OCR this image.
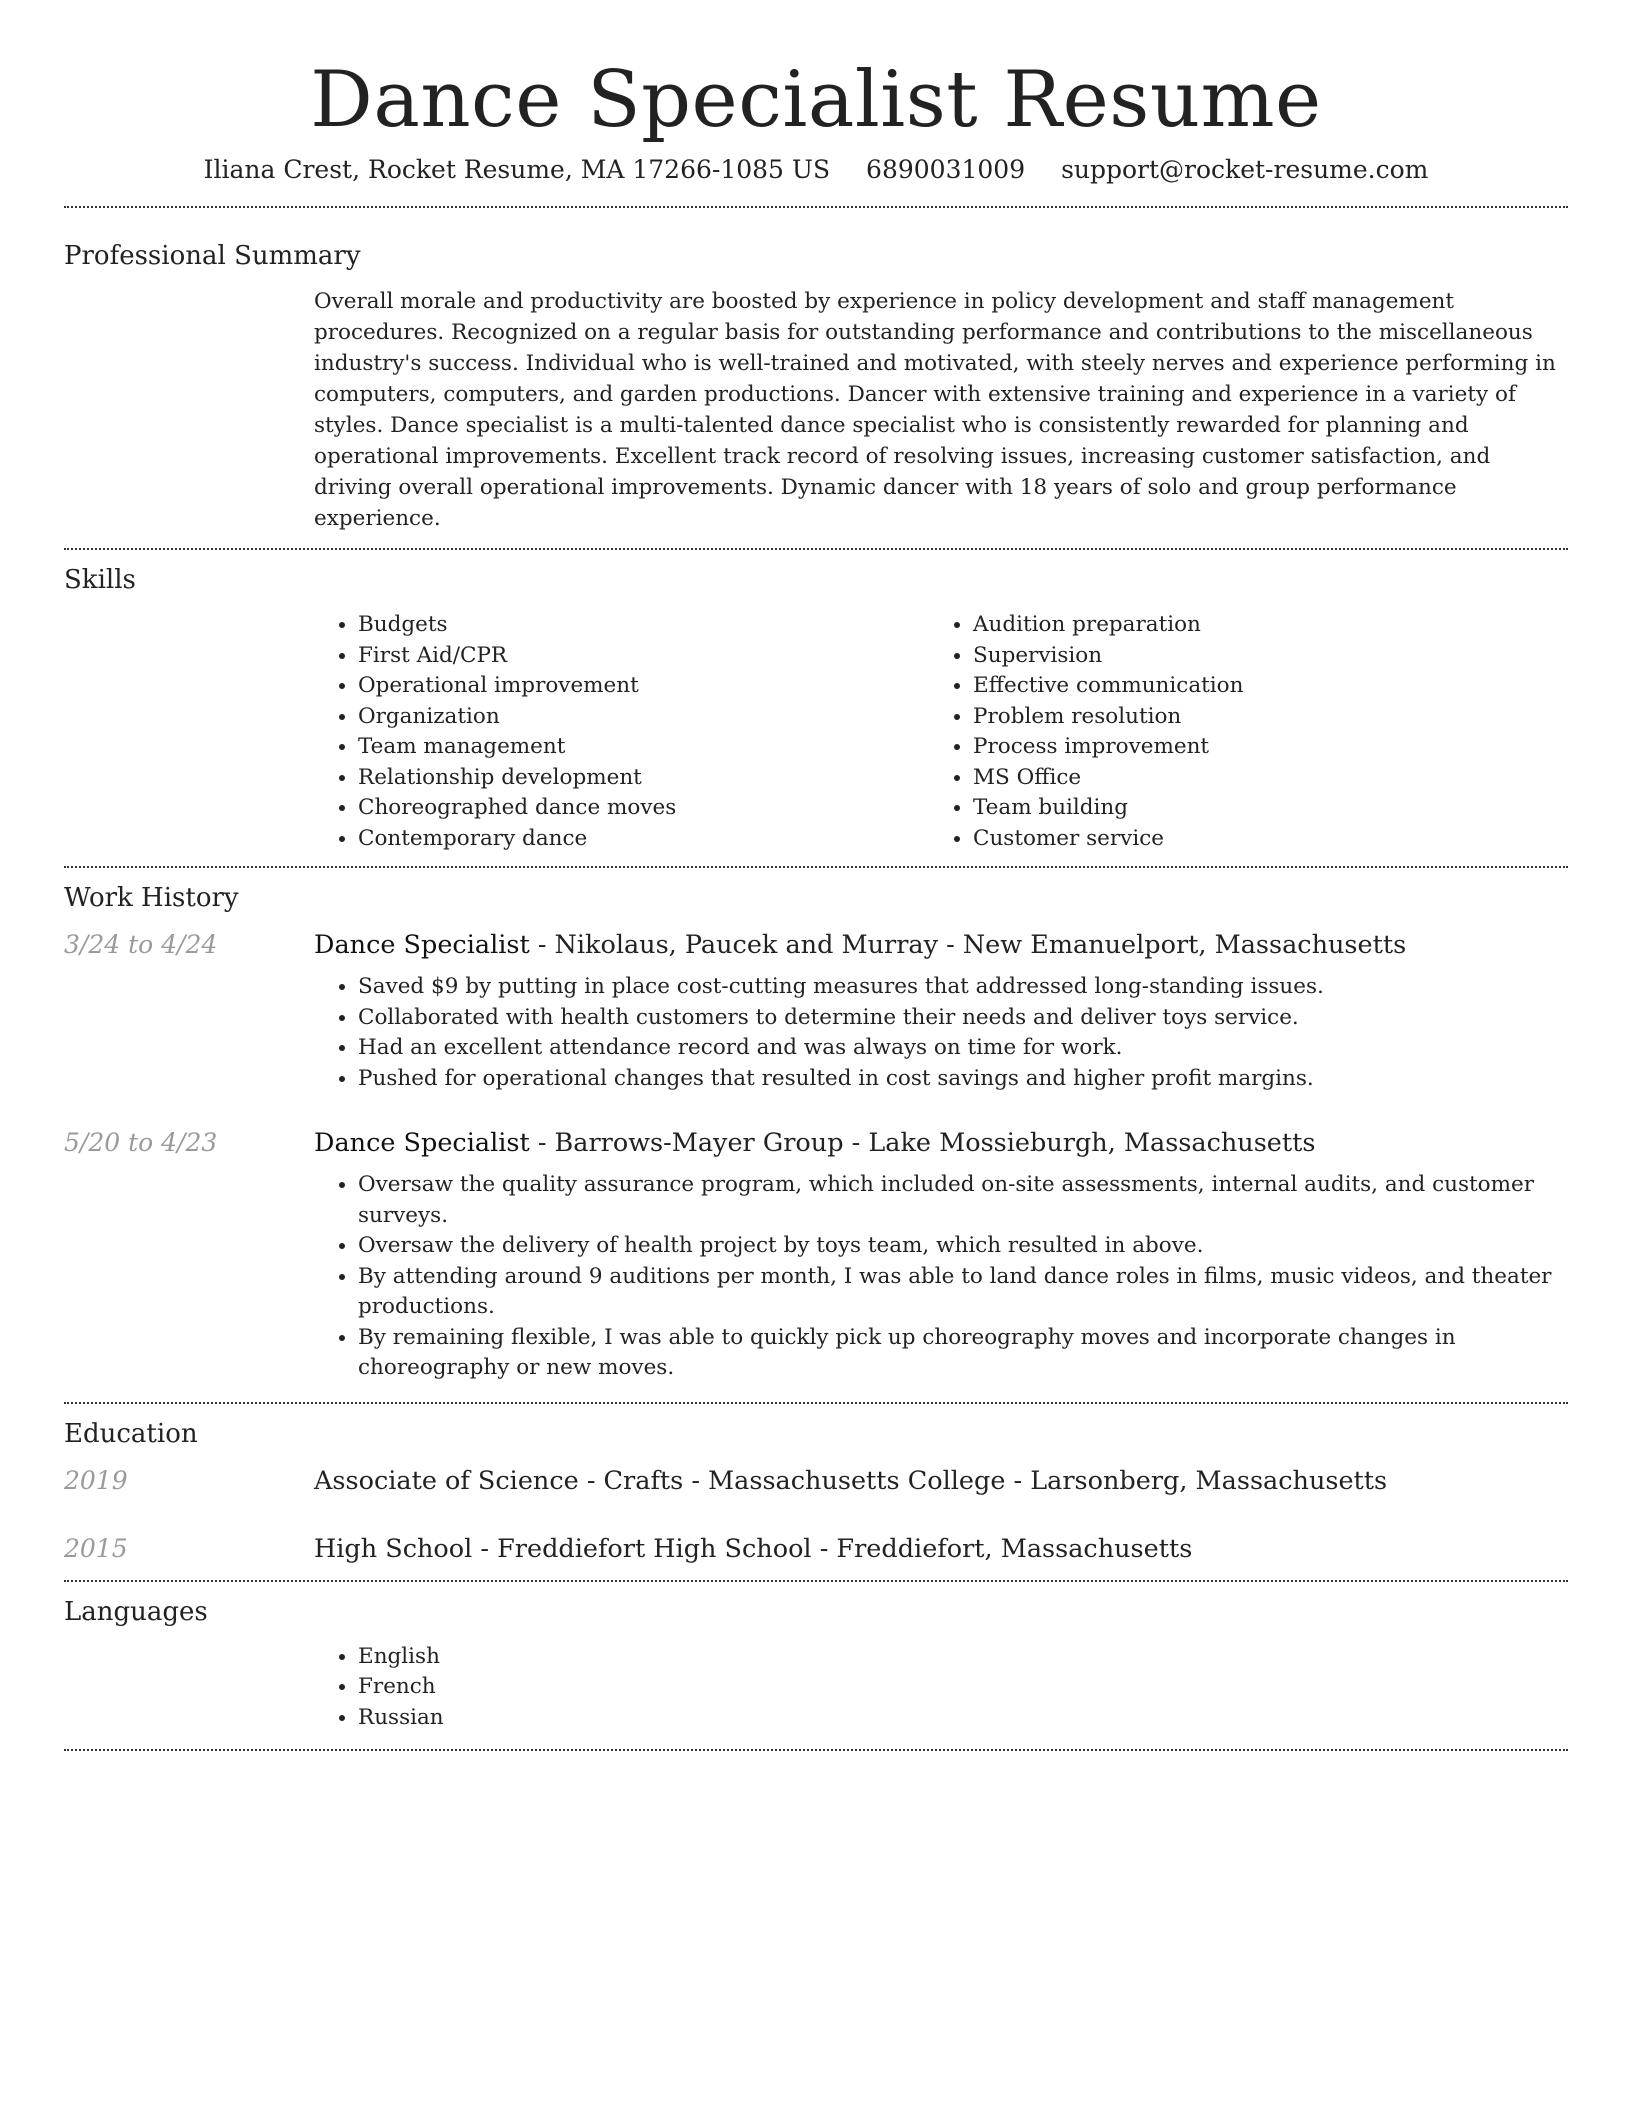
Dance Specialist Resume
Iliana Crest, Rocket Resume, MA 17266-1085 US 6890031009 support@rocket-resume.com
Professional Summary
Overall morale and productivity are boosted by experience in policy development and staff management procedures. Recognized on a regular basis for outstanding performance and contributions to the miscellaneous industry's success. Individual who is well-trained and motivated, with steely nerves and experience performing in computers, computers, and garden productions. Dancer with extensive training and experience in a variety of styles. Dance specialist is a multi-talented dance specialist who is consistently rewarded for planning and operational improvements. Excellent track record of resolving issues, increasing customer satisfaction, and driving overall operational improvements. Dynamic dancer with 18 years of solo and group performance experience.
Skills
• Budgets
• First Aid/CPR
• Operational improvement
• Organization
• Team management
• Relationship development
• Choreographed dance moves
• Contemporary dance
• Audition preparation
• Supervision
• Effective communication
• Problem resolution
• Process improvement
• MS Office
• Team building
• Customer service
Work History
3/24 to 4/24	Dance Specialist - Nikolaus, Paucek and Murray - New Emanuelport, Massachusetts
• Saved $9 by putting in place cost-cutting measures that addressed long-standing issues.
• Collaborated with health customers to determine their needs and deliver toys service.
• Had an excellent attendance record and was always on time for work.
• Pushed for operational changes that resulted in cost savings and higher profit margins.
5/20 to 4/23	Dance Specialist - Barrows-Mayer Group - Lake Mossieburgh, Massachusetts
• Oversaw the quality assurance program, which included on-site assessments, internal audits, and customer surveys.
• Oversaw the delivery of health project by toys team, which resulted in above.
• By attending around 9 auditions per month, I was able to land dance roles in films, music videos, and theater productions.
• By remaining flexible, I was able to quickly pick up choreography moves and incorporate changes in choreography or new moves.
Education
2019	Associate of Science - Crafts - Massachusetts College - Larsonberg, Massachusetts
2015	High School - Freddiefort High School - Freddiefort, Massachusetts
Languages
• English
• French
• Russian
